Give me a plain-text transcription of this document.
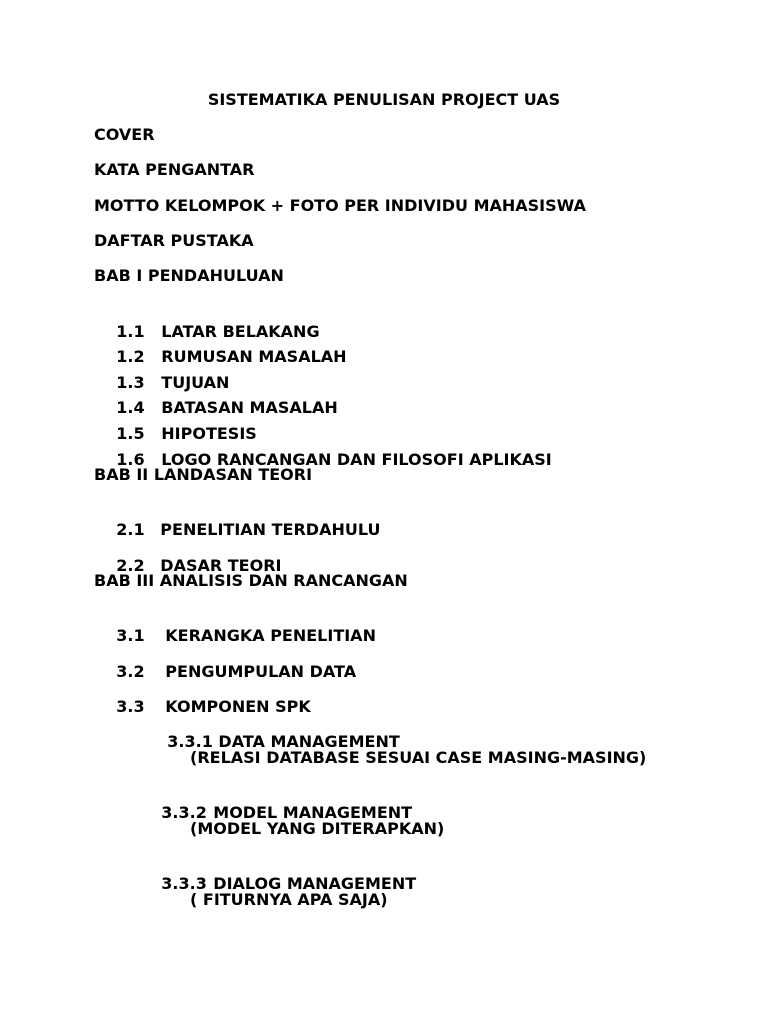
SISTEMATIKA PENULISAN PROJECT UAS
COVER
KATA PENGANTAR
MOTTO KELOMPOK + FOTO PER INDIVIDU MAHASISWA
DAFTAR PUSTAKA
BAB I PENDAHULUAN

1.1 LATAR BELAKANG

1.2 RUMUSAN MASALAH

1.3 TUJUAN

1.4 BATASAN MASALAH

1.5 HIPOTESIS

1.6 LOGO RANCANGAN DAN FILOSOFI APLIKASI

BAB II LANDASAN TEORI

2.1 PENELITIAN TERDAHULU

2.2 DASAR TEORI

BAB III ANALISIS DAN RANCANGAN

3.1 KERANGKA PENELITIAN

3.2 PENGUMPULAN DATA

3.3 KOMPONEN SPK

3.3.1 DATA MANAGEMENT

(RELASI DATABASE SESUAI CASE MASING-MASING)

3.3.2 MODEL MANAGEMENT

(MODEL YANG DITERAPKAN)

3.3.3 DIALOG MANAGEMENT

( FITURNYA APA SAJA)
